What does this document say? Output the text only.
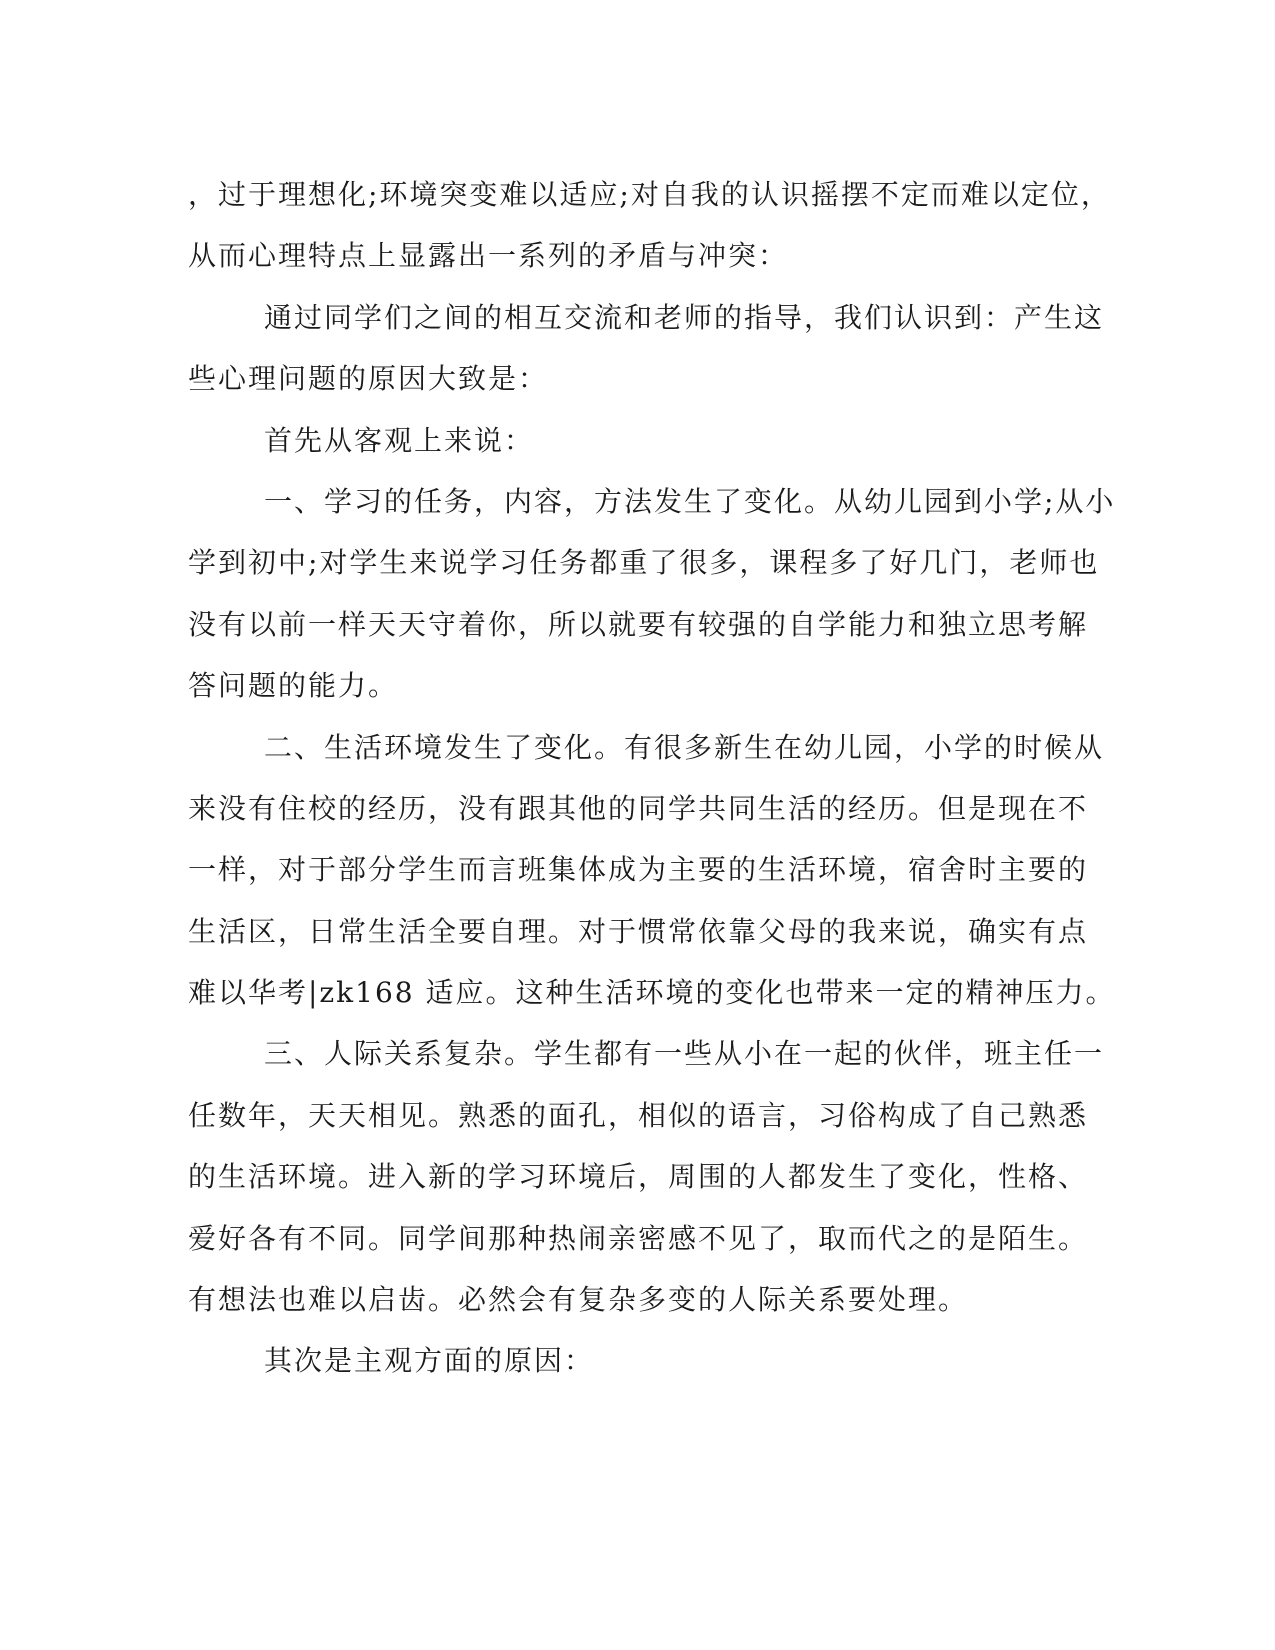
，过于理想化;环境突变难以适应;对自我的认识摇摆不定而难以定位，
从而心理特点上显露出一系列的矛盾与冲突：
通过同学们之间的相互交流和老师的指导，我们认识到：产生这
些心理问题的原因大致是：
首先从客观上来说：
一、学习的任务，内容，方法发生了变化。从幼儿园到小学;从小
学到初中;对学生来说学习任务都重了很多，课程多了好几门，老师也
没有以前一样天天守着你，所以就要有较强的自学能力和独立思考解
答问题的能力。
二、生活环境发生了变化。有很多新生在幼儿园，小学的时候从
来没有住校的经历，没有跟其他的同学共同生活的经历。但是现在不
一样，对于部分学生而言班集体成为主要的生活环境，宿舍时主要的
生活区，日常生活全要自理。对于惯常依靠父母的我来说，确实有点
难以华考|zk168 适应。这种生活环境的变化也带来一定的精神压力。
三、人际关系复杂。学生都有一些从小在一起的伙伴，班主任一
任数年，天天相见。熟悉的面孔，相似的语言，习俗构成了自己熟悉
的生活环境。进入新的学习环境后，周围的人都发生了变化，性格、
爱好各有不同。同学间那种热闹亲密感不见了，取而代之的是陌生。
有想法也难以启齿。必然会有复杂多变的人际关系要处理。
其次是主观方面的原因：
